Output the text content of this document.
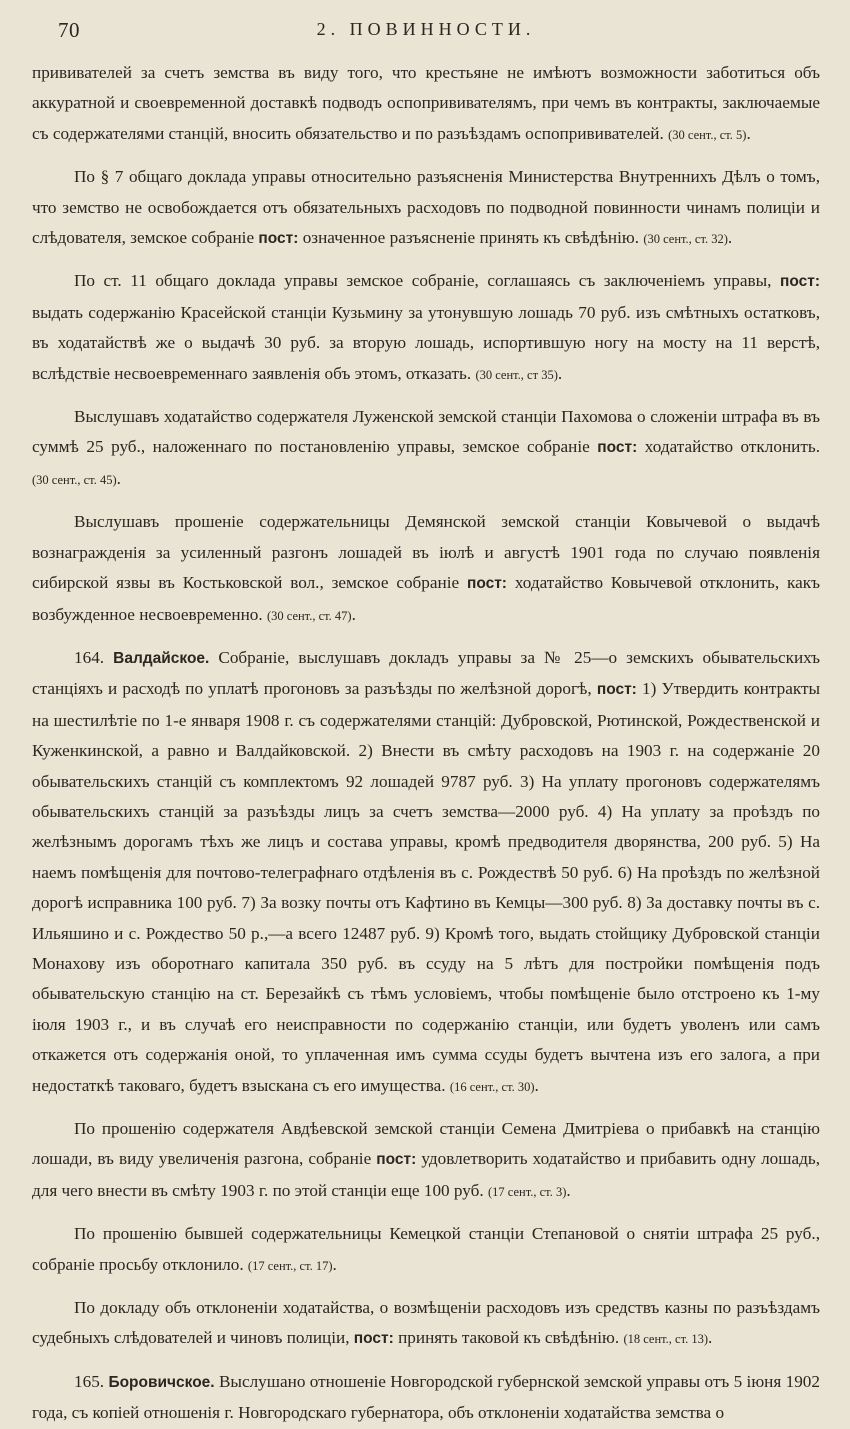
70	2. ПОВИННОСТИ.

прививателей за счетъ земства въ виду того, что крестьяне не имѣютъ возможности заботиться объ аккуратной и своевременной доставкѣ подводъ оспопрививателямъ, при чемъ въ контракты, заключаемые съ содержателями станцій, вносить обязательство и по разъѣздамъ оспопрививателей. (30 сент., ст. 5).

По § 7 общаго доклада управы относительно разъясненія Министерства Внутреннихъ Дѣлъ о томъ, что земство не освобождается отъ обязательныхъ расходовъ по подводной повинности чинамъ полиціи и слѣдователя, земское собраніе пост: означенное разъясненіе принять къ свѣдѣнію. (30 сент., ст. 32).

По ст. 11 общаго доклада управы земское собраніе, соглашаясь съ заключеніемъ управы, пост: выдать содержанію Красейской станціи Кузьмину за утонувшую лошадь 70 руб. изъ смѣтныхъ остатковъ, въ ходатайствѣ же о выдачѣ 30 руб. за вторую лошадь, испортившую ногу на мосту на 11 верстѣ, вслѣдствіе несвоевременнаго заявленія объ этомъ, отказать. (30 сент., ст 35).

Выслушавъ ходатайство содержателя Луженской земской станціи Пахомова о сложеніи штрафа въ въ суммѣ 25 руб., наложеннаго по постановленію управы, земское собраніе пост: ходатайство отклонить. (30 сент., ст. 45).

Выслушавъ прошеніе содержательницы Демянской земской станціи Ковычевой о выдачѣ вознагражденія за усиленный разгонъ лошадей въ іюлѣ и августѣ 1901 года по случаю появленія сибирской язвы въ Костьковской вол., земское собраніе пост: ходатайство Ковычевой отклонить, какъ возбужденное несвоевременно. (30 сент., ст. 47).

164. Валдайское. Собраніе, выслушавъ докладъ управы за № 25—о земскихъ обывательскихъ станціяхъ и расходѣ по уплатѣ прогоновъ за разъѣзды по желѣзной дорогѣ, пост: 1) Утвердить контракты на шестилѣтіе по 1-е января 1908 г. съ содержателями станцій: Дубровской, Рютинской, Рождественской и Куженкинской, а равно и Валдайковской. 2) Внести въ смѣту расходовъ на 1903 г. на содержаніе 20 обывательскихъ станцій съ комплектомъ 92 лошадей 9787 руб. 3) На уплату прогоновъ содержателямъ обывательскихъ станцій за разъѣзды лицъ за счетъ земства—2000 руб. 4) На уплату за проѣздъ по желѣзнымъ дорогамъ тѣхъ же лицъ и состава управы, кромѣ предводителя дворянства, 200 руб. 5) На наемъ помѣщенія для почтово-телеграфнаго отдѣленія въ с. Рождествѣ 50 руб. 6) На проѣздъ по желѣзной дорогѣ исправника 100 руб. 7) За возку почты отъ Кафтино въ Кемцы—300 руб. 8) За доставку почты въ с. Ильяшино и с. Рождество 50 р.,—а всего 12487 руб. 9) Кромѣ того, выдать стойщику Дубровской станціи Монахову изъ оборотнаго капитала 350 руб. въ ссуду на 5 лѣтъ для постройки помѣщенія подъ обывательскую станцію на ст. Березайкѣ съ тѣмъ условіемъ, чтобы помѣщеніе было отстроено къ 1-му іюля 1903 г., и въ случаѣ его неисправности по содержанію станціи, или будетъ уволенъ или самъ откажется отъ содержанія оной, то уплаченная имъ сумма ссуды будетъ вычтена изъ его залога, а при недостаткѣ таковаго, будетъ взыскана съ его имущества. (16 сент., ст. 30).

По прошенію содержателя Авдѣевской земской станціи Семена Дмитріева о прибавкѣ на станцію лошади, въ виду увеличенія разгона, собраніе пост: удовлетворить ходатайство и прибавить одну лошадь, для чего внести въ смѣту 1903 г. по этой станціи еще 100 руб. (17 сент., ст. 3).

По прошенію бывшей содержательницы Кемецкой станціи Степановой о снятіи штрафа 25 руб., собраніе просьбу отклонило. (17 сент., ст. 17).

По докладу объ отклоненіи ходатайства, о возмѣщеніи расходовъ изъ средствъ казны по разъѣздамъ судебныхъ слѣдователей и чиновъ полиціи, пост: принять таковой къ свѣдѣнію. (18 сент., ст. 13).

165. Боровичское. Выслушано отношеніе Новгородской губернской земской управы отъ 5 іюня 1902 года, съ копіей отношенія г. Новгородскаго губернатора, объ отклоненіи ходатайства земства о
